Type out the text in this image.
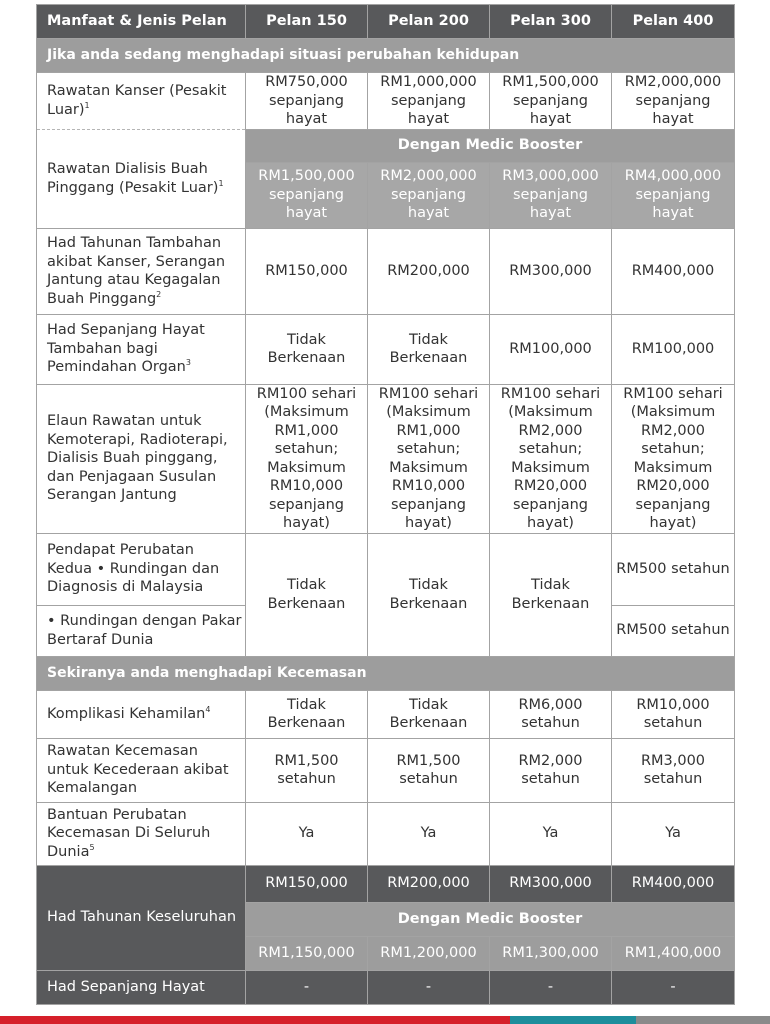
Manfaat & Jenis Pelan	Pelan 150	Pelan 200	Pelan 300	Pelan 400
Jika anda sedang menghadapi situasi perubahan kehidupan				
Rawatan Kanser (Pesakit Luar)$^1$	RM750,000 sepanjang hayat	RM1,000,000 sepanjang hayat	RM1,500,000 sepanjang hayat	RM2,000,000 sepanjang hayat
Rawatan Dialisis Buah Pinggang (Pesakit Luar)$^1$	Dengan Medic Booster			
	RM1,500,000 sepanjang hayat	RM2,000,000 sepanjang hayat	RM3,000,000 sepanjang hayat	RM4,000,000 sepanjang hayat
Had Tahunan Tambahan akibat Kanser, Serangan Jantung atau Kegagalan Buah Pinggang$^2$	RM150,000	RM200,000	RM300,000	RM400,000
Had Sepanjang Hayat Tambahan bagi Pemindahan Organ$^3$	Tidak Berkenaan	Tidak Berkenaan	RM100,000	RM100,000
Elaun Rawatan untuk Kemoterapi, Radioterapi, Dialisis Buah pinggang, dan Penjagaan Susulan Serangan Jantung	RM100 sehari (Maksimum RM1,000 setahun; Maksimum RM10,000 sepanjang hayat)	RM100 sehari (Maksimum RM1,000 setahun; Maksimum RM10,000 sepanjang hayat)	RM100 sehari (Maksimum RM2,000 setahun; Maksimum RM20,000 sepanjang hayat)	RM100 sehari (Maksimum RM2,000 setahun; Maksimum RM20,000 sepanjang hayat)
Pendapat Perubatan Kedua • Rundingan dan Diagnosis di Malaysia	Tidak Berkenaan	Tidak Berkenaan	Tidak Berkenaan	RM500 setahun
• Rundingan dengan Pakar Bertaraf Dunia				RM500 setahun
Sekiranya anda menghadapi Kecemasan				
Komplikasi Kehamilan$^4$	Tidak Berkenaan	Tidak Berkenaan	RM6,000 setahun	RM10,000 setahun
Rawatan Kecemasan untuk Kecederaan akibat Kemalangan	RM1,500 setahun	RM1,500 setahun	RM2,000 setahun	RM3,000 setahun
Bantuan Perubatan Kecemasan Di Seluruh Dunia$^5$	Ya	Ya	Ya	Ya
Had Tahunan Keseluruhan	RM150,000	RM200,000	RM300,000	RM400,000
	Dengan Medic Booster			
	RM1,150,000	RM1,200,000	RM1,300,000	RM1,400,000
Had Sepanjang Hayat	-	-	-	-
